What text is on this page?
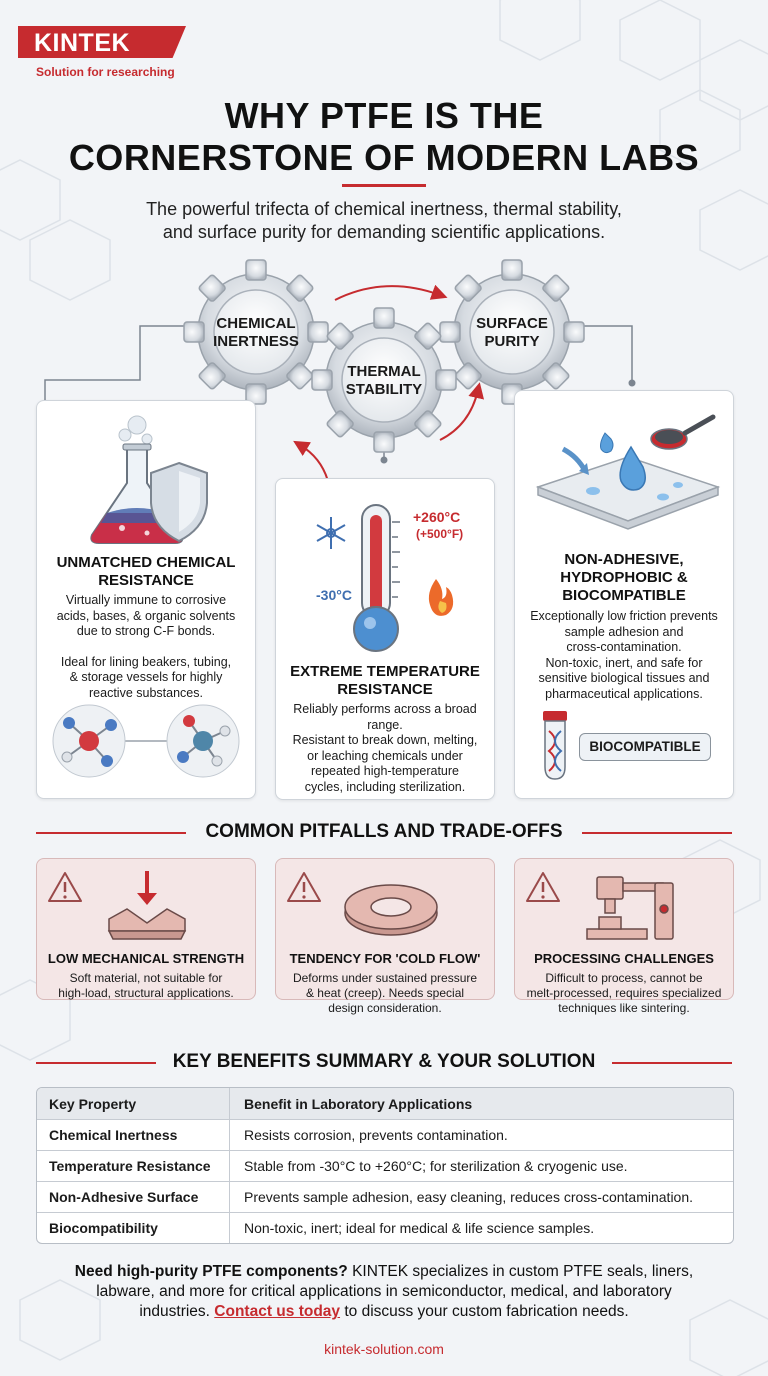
KINTEK
Solution for researching
WHY PTFE IS THE
CORNERSTONE OF MODERN LABS
The powerful trifecta of chemical inertness, thermal stability,
and surface purity for demanding scientific applications.
CHEMICAL
INERTNESS
THERMAL
STABILITY
SURFACE
PURITY
UNMATCHED CHEMICAL
RESISTANCE
Virtually immune to corrosive
acids, bases, & organic solvents
due to strong C-F bonds.
Ideal for lining beakers, tubing,
& storage vessels for highly
reactive substances.
+260°C
(+500°F)
-30°C
EXTREME TEMPERATURE
RESISTANCE
Reliably performs across a broad
range.
Resistant to break down, melting,
or leaching chemicals under
repeated high-temperature
cycles, including sterilization.
NON-ADHESIVE,
HYDROPHOBIC &
BIOCOMPATIBLE
Exceptionally low friction prevents
sample adhesion and
cross-contamination.
Non-toxic, inert, and safe for
sensitive biological tissues and
pharmaceutical applications.
BIOCOMPATIBLE
COMMON PITFALLS AND TRADE-OFFS
LOW MECHANICAL STRENGTH
Soft material, not suitable for
high-load, structural applications.
TENDENCY FOR 'COLD FLOW'
Deforms under sustained pressure
& heat (creep). Needs special
design consideration.
PROCESSING CHALLENGES
Difficult to process, cannot be
melt-processed, requires specialized
techniques like sintering.
KEY BENEFITS SUMMARY & YOUR SOLUTION
Key Property	Benefit in Laboratory Applications
Chemical Inertness	Resists corrosion, prevents contamination.
Temperature Resistance	Stable from -30°C to +260°C; for sterilization & cryogenic use.
Non-Adhesive Surface	Prevents sample adhesion, easy cleaning, reduces cross-contamination.
Biocompatibility	Non-toxic, inert; ideal for medical & life science samples.
Need high-purity PTFE components? KINTEK specializes in custom PTFE seals, liners,
labware, and more for critical applications in semiconductor, medical, and laboratory
industries. Contact us today to discuss your custom fabrication needs.
kintek-solution.com
